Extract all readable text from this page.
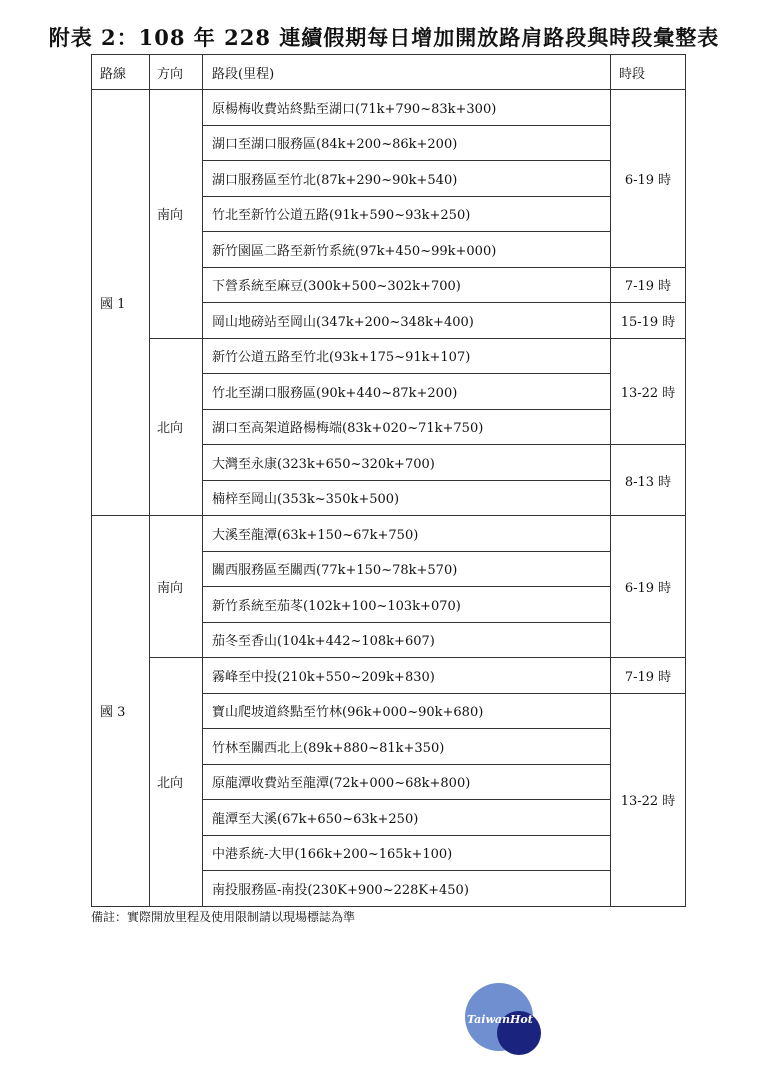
附表 2：108 年 228 連續假期每日增加開放路肩路段與時段彙整表
路線	方向	路段(里程)	時段
國 1	南向	原楊梅收費站終點至湖口(71k+790~83k+300)	6-19 時
		湖口至湖口服務區(84k+200~86k+200)	
		湖口服務區至竹北(87k+290~90k+540)	
		竹北至新竹公道五路(91k+590~93k+250)	
		新竹園區二路至新竹系統(97k+450~99k+000)	
		下營系統至麻豆(300k+500~302k+700)	7-19 時
		岡山地磅站至岡山(347k+200~348k+400)	15-19 時
	北向	新竹公道五路至竹北(93k+175~91k+107)	13-22 時
		竹北至湖口服務區(90k+440~87k+200)	
		湖口至高架道路楊梅端(83k+020~71k+750)	
		大灣至永康(323k+650~320k+700)	8-13 時
		楠梓至岡山(353k~350k+500)	
國 3	南向	大溪至龍潭(63k+150~67k+750)	6-19 時
		關西服務區至關西(77k+150~78k+570)	
		新竹系統至茄苳(102k+100~103k+070)	
		茄冬至香山(104k+442~108k+607)	
	北向	霧峰至中投(210k+550~209k+830)	7-19 時
		寶山爬坡道終點至竹林(96k+000~90k+680)	13-22 時
		竹林至關西北上(89k+880~81k+350)	
		原龍潭收費站至龍潭(72k+000~68k+800)	
		龍潭至大溪(67k+650~63k+250)	
		中港系統-大甲(166k+200~165k+100)	
		南投服務區-南投(230K+900~228K+450)	
備註：實際開放里程及使用限制請以現場標誌為準
TaiwanHot
